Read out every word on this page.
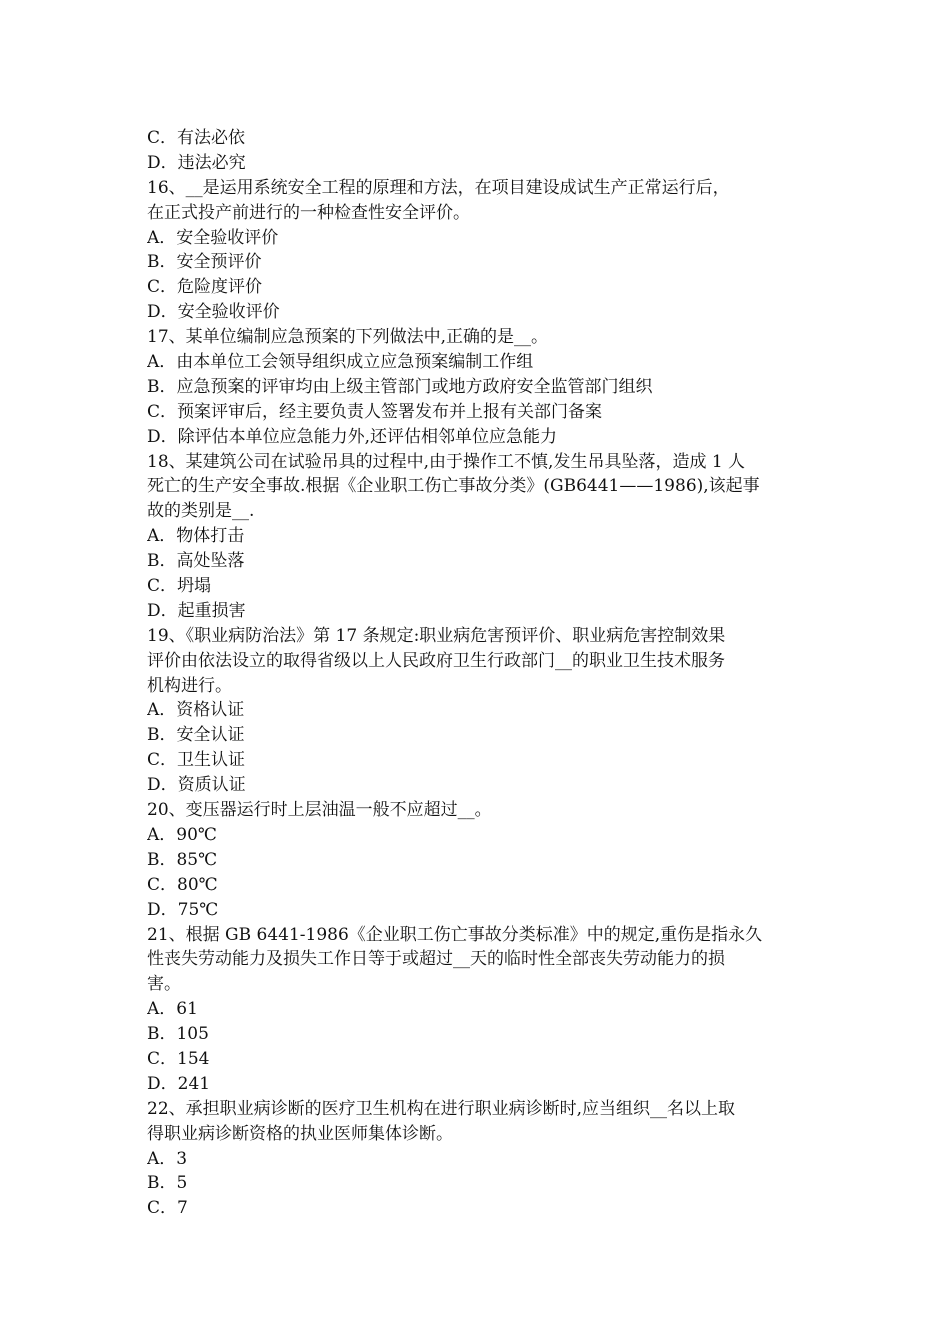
C．有法必依
D．违法必究
16、__是运用系统安全工程的原理和方法，在项目建设成试生产正常运行后，
在正式投产前进行的一种检查性安全评价。
A．安全验收评价
B．安全预评价
C．危险度评价
D．安全验收评价
17、某单位编制应急预案的下列做法中,正确的是__。
A．由本单位工会领导组织成立应急预案编制工作组
B．应急预案的评审均由上级主管部门或地方政府安全监管部门组织
C．预案评审后，经主要负责人签署发布并上报有关部门备案
D．除评估本单位应急能力外,还评估相邻单位应急能力
18、某建筑公司在试验吊具的过程中,由于操作工不慎,发生吊具坠落，造成 1 人
死亡的生产安全事故.根据《企业职工伤亡事故分类》(GB6441——1986),该起事
故的类别是__.
A．物体打击
B．高处坠落
C．坍塌
D．起重损害
19、《职业病防治法》第 17 条规定:职业病危害预评价、职业病危害控制效果
评价由依法设立的取得省级以上人民政府卫生行政部门__的职业卫生技术服务
机构进行。
A．资格认证
B．安全认证
C．卫生认证
D．资质认证
20、变压器运行时上层油温一般不应超过__。
A．90℃
B．85℃
C．80℃
D．75℃
21、根据 GB 6441-1986《企业职工伤亡事故分类标准》中的规定,重伤是指永久
性丧失劳动能力及损失工作日等于或超过__天的临时性全部丧失劳动能力的损
害。
A．61
B．105
C．154
D．241
22、承担职业病诊断的医疗卫生机构在进行职业病诊断时,应当组织__名以上取
得职业病诊断资格的执业医师集体诊断。
A．3
B．5
C．7
